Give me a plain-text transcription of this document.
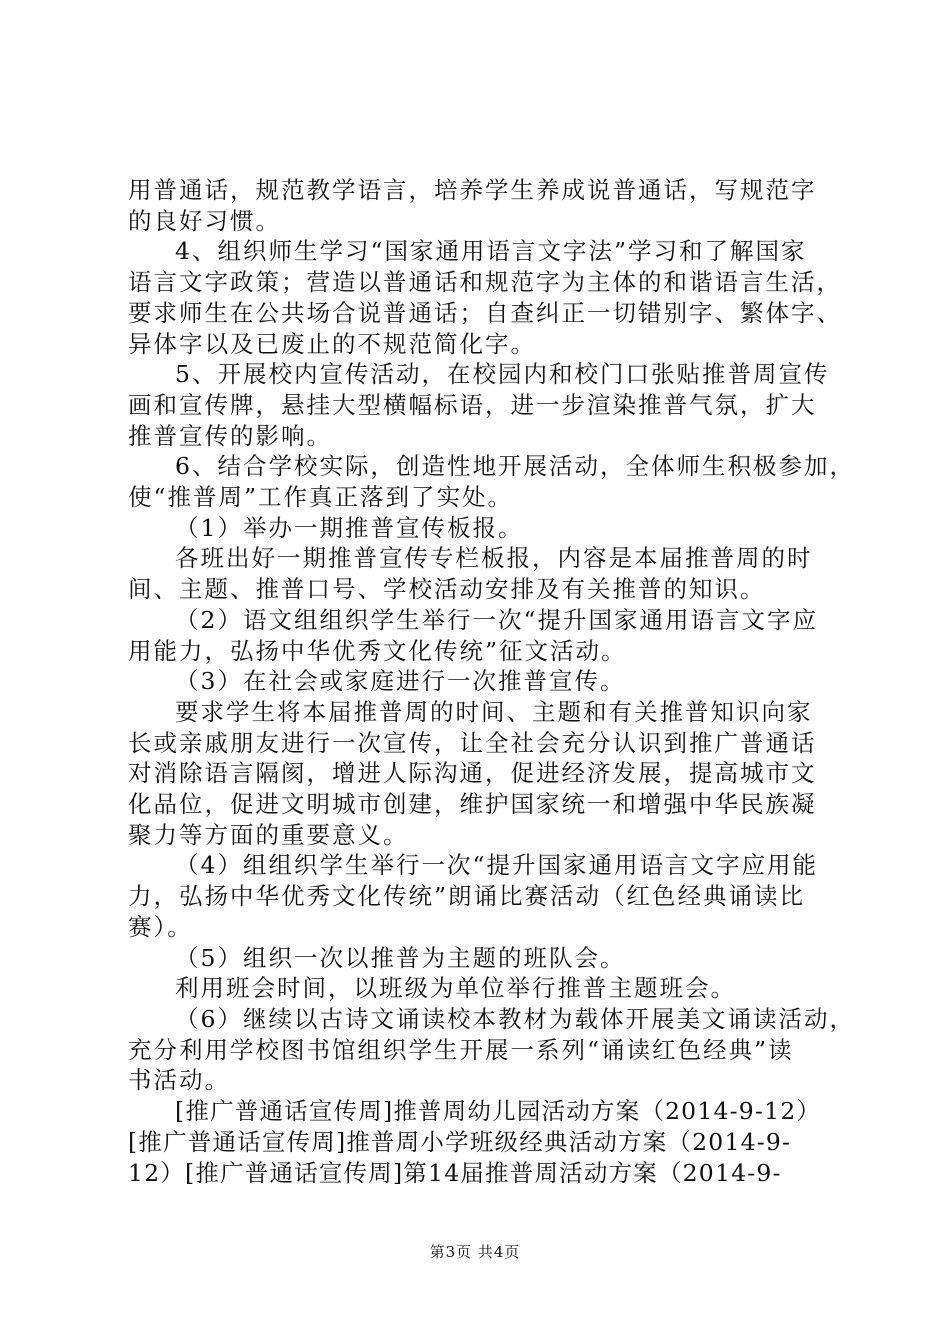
用普通话，规范教学语言，培养学生养成说普通话，写规范字
的良好习惯。
4、组织师生学习“国家通用语言文字法”学习和了解国家
语言文字政策；营造以普通话和规范字为主体的和谐语言生活，
要求师生在公共场合说普通话；自查纠正一切错别字、繁体字、
异体字以及已废止的不规范简化字。
5、开展校内宣传活动，在校园内和校门口张贴推普周宣传
画和宣传牌，悬挂大型横幅标语，进一步渲染推普气氛，扩大
推普宣传的影响。
6、结合学校实际，创造性地开展活动，全体师生积极参加，
使“推普周”工作真正落到了实处。
（1）举办一期推普宣传板报。
各班出好一期推普宣传专栏板报，内容是本届推普周的时
间、主题、推普口号、学校活动安排及有关推普的知识。
（2）语文组组织学生举行一次“提升国家通用语言文字应
用能力，弘扬中华优秀文化传统”征文活动。
（3）在社会或家庭进行一次推普宣传。
要求学生将本届推普周的时间、主题和有关推普知识向家
长或亲戚朋友进行一次宣传，让全社会充分认识到推广普通话
对消除语言隔阂，增进人际沟通，促进经济发展，提高城市文
化品位，促进文明城市创建，维护国家统一和增强中华民族凝
聚力等方面的重要意义。
（4）组组织学生举行一次“提升国家通用语言文字应用能
力，弘扬中华优秀文化传统”朗诵比赛活动（红色经典诵读比
赛）。
（5）组织一次以推普为主题的班队会。
利用班会时间，以班级为单位举行推普主题班会。
（6）继续以古诗文诵读校本教材为载体开展美文诵读活动，
充分利用学校图书馆组织学生开展一系列“诵读红色经典”读
书活动。
[推广普通话宣传周]推普周幼儿园活动方案（2014-9-12）
[推广普通话宣传周]推普周小学班级经典活动方案（2014-9-
12）[推广普通话宣传周]第14届推普周活动方案（2014-9-
第3页 共4页
